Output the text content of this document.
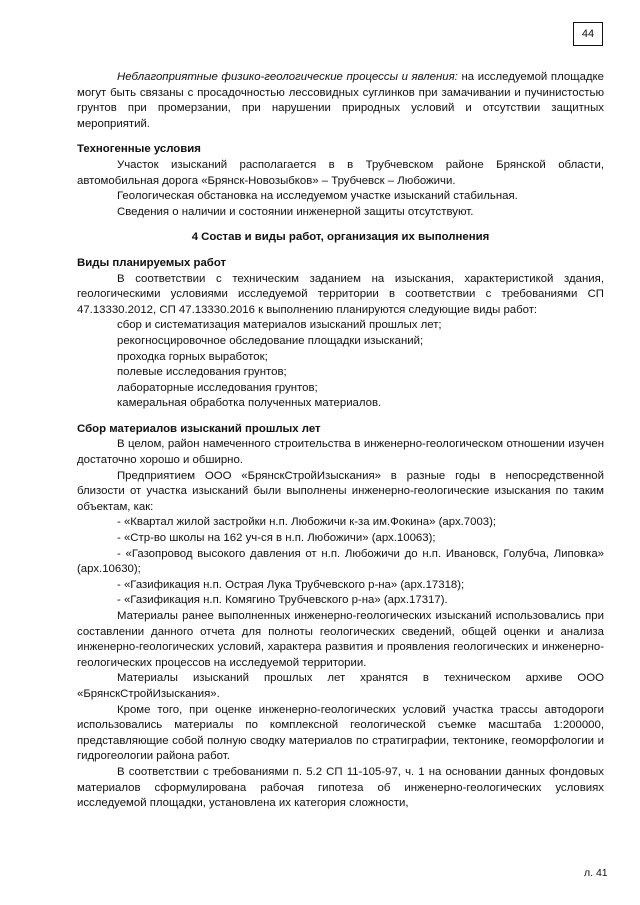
44

Неблагоприятные физико-геологические процессы и явления: на исследуемой площадке могут быть связаны с просадочностью лессовидных суглинков при замачивании и пучинистостью грунтов при промерзании, при нарушении природных условий и отсутствии защитных мероприятий.

Техногенные условия

Участок изысканий располагается в в Трубчевском районе Брянской области, автомобильная дорога «Брянск-Новозыбков» – Трубчевск – Любожичи.

Геологическая обстановка на исследуемом участке изысканий стабильная.

Сведения о наличии и состоянии инженерной защиты отсутствуют.

4 Состав и виды работ, организация их выполнения

Виды планируемых работ

В соответствии с техническим заданием на изыскания, характеристикой здания, геологическими условиями исследуемой территории в соответствии с требованиями СП 47.13330.2012, СП 47.13330.2016 к выполнению планируются следующие виды работ:

сбор и систематизация материалов изысканий прошлых лет;

рекогносцировочное обследование площадки изысканий;

проходка горных выработок;

полевые исследования грунтов;

лабораторные исследования грунтов;

камеральная обработка полученных материалов.

Сбор материалов изысканий прошлых лет

В целом, район намеченного строительства в инженерно-геологическом отношении изучен достаточно хорошо и обширно.

Предприятием ООО «БрянскСтройИзыскания» в разные годы в непосредственной близости от участка изысканий были выполнены инженерно-геологические изыскания по таким объектам, как:

- «Квартал жилой застройки н.п. Любожичи к-за им.Фокина» (арх.7003);

- «Стр-во школы на 162 уч-ся в н.п. Любожичи» (арх.10063);

- «Газопровод высокого давления от н.п. Любожичи до н.п. Ивановск, Голубча, Липовка» (арх.10630);

- «Газификация н.п. Острая Лука Трубчевского р-на» (арх.17318);

- «Газификация н.п. Комягино Трубчевского р-на» (арх.17317).

Материалы ранее выполненных инженерно-геологических изысканий использовались при составлении данного отчета для полноты геологических сведений, общей оценки и анализа инженерно-геологических условий, характера развития и проявления геологических и инженерно-геологических процессов на исследуемой территории.

Материалы изысканий прошлых лет хранятся в техническом архиве ООО «БрянскСтройИзыскания».

Кроме того, при оценке инженерно-геологических условий участка трассы автодороги использовались материалы по комплексной геологической съемке масштаба 1:200000, представляющие собой полную сводку материалов по стратиграфии, тектонике, геоморфологии и гидрогеологии района работ.

В соответствии с требованиями п. 5.2 СП 11-105-97, ч. 1 на основании данных фондовых материалов сформулирована рабочая гипотеза об инженерно-геологических условиях исследуемой площадки, установлена их категория сложности,

л. 41
